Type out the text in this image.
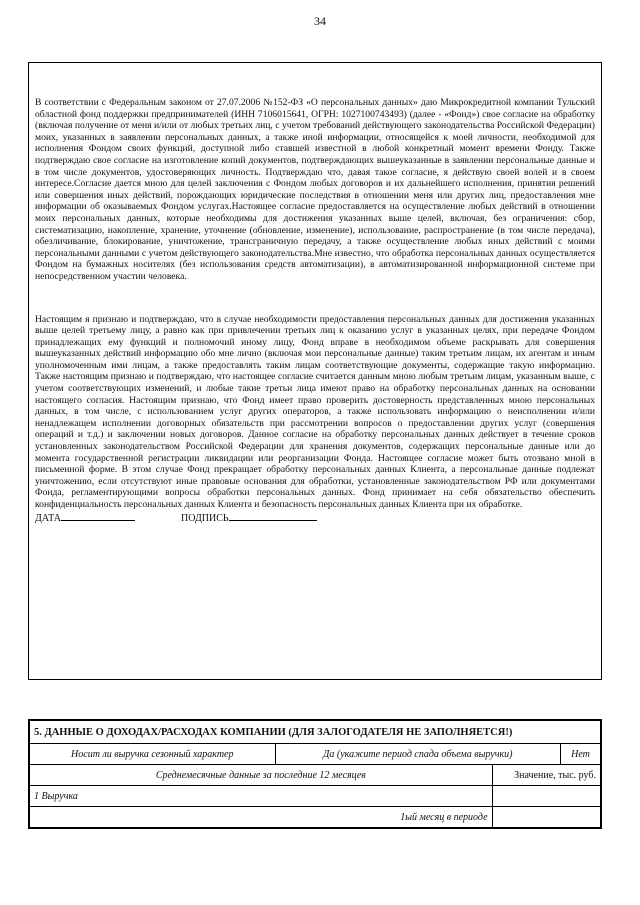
34

В соответствии с Федеральным законом от 27.07.2006 №152-ФЗ «О персональных данных» даю Микрокредитной компании Тульский областной фонд поддержки предпринимателей (ИНН 7106015641, ОГРН: 1027100743493) (далее - «Фонд») свое согласие на обработку (включая получение от меня и/или от любых третьих лиц, с учетом требований действующего законодательства Российской Федерации) моих, указанных в заявлении персональных данных, а также иной информации, относящейся к моей личности, необходимой для исполнения Фондом своих функций, доступной либо ставшей известной в любой конкретный момент времени Фонду. Также подтверждаю свое согласие на изготовление копий документов, подтверждающих вышеуказанные в заявлении персональные данные и в том числе документов, удостоверяющих личность. Подтверждаю что, давая такое согласие, я действую своей волей и в своем интересе.Согласие дается мною для целей заключения с Фондом любых договоров и их дальнейшего исполнения, принятия решений или совершения иных действий, порождающих юридические последствия в отношении меня или других лиц, предоставления мне информации об оказываемых Фондом услугах.Настоящее согласие предоставляется на осуществление любых действий в отношении моих персональных данных, которые необходимы для достижения указанных выше целей, включая, без ограничения: сбор, систематизацию, накопление, хранение, уточнение (обновление, изменение), использование, распространение (в том числе передача), обезличивание, блокирование, уничтожение, трансграничную передачу, а также осуществление любых иных действий с моими персональными данными с учетом действующего законодательства.Мне известно, что обработка персональных данных осуществляется Фондом на бумажных носителях (без использования средств автоматизации), в автоматизированной информационной системе при непосредственном участии человека.

Настоящим я признаю и подтверждаю, что в случае необходимости предоставления персональных данных для достижения указанных выше целей третьему лицу, а равно как при привлечении третьих лиц к оказанию услуг в указанных целях, при передаче Фондом принадлежащих ему функций и полномочий иному лицу, Фонд вправе в необходимом объеме раскрывать для совершения вышеуказанных действий информацию обо мне лично (включая мои персональные данные) таким третьим лицам, их агентам и иным уполномоченным ими лицам, а также предоставлять таким лицам соответствующие документы, содержащие такую информацию. Также настоящим признаю и подтверждаю, что настоящее согласие считается данным мною любым третьим лицам, указанным выше, с учетом соответствующих изменений, и любые такие третьи лица имеют право на обработку персональных данных на основании настоящего согласия. Настоящим признаю, что Фонд имеет право проверить достоверность представленных мною персональных данных, в том числе, с использованием услуг других операторов, а также использовать информацию о неисполнении и/или ненадлежащем исполнении договорных обязательств при рассмотрении вопросов о предоставлении других услуг (совершения операций и т.д.) и заключении новых договоров. Данное согласие на обработку персональных данных действует в течение сроков установленных законодательством Российской Федерации для хранения документов, содержащих персональные данные или до момента государственной регистрации ликвидации или реорганизации Фонда. Настоящее согласие может быть отозвано мной в письменной форме. В этом случае Фонд прекращает обработку персональных данных Клиента, а персональные данные подлежат уничтожению, если отсутствуют иные правовые основания для обработки, установленные законодательством РФ или документами Фонда, регламентирующими вопросы обработки персональных данных. Фонд принимает на себя обязательство обеспечить конфиденциальность персональных данных Клиента и безопасность персональных данных Клиента при их обработке.

ДАТА	ПОДПИСЬ
5. ДАННЫЕ О ДОХОДАХ/РАСХОДАХ КОМПАНИИ (ДЛЯ ЗАЛОГОДАТЕЛЯ НЕ ЗАПОЛНЯЕТСЯ!)			
Носит ли выручка сезонный характер	Да (укажите период спада объема выручки)		Нет
Среднемесячные данные за последние 12 месяцев		Значение, тыс. руб.	
1 Выручка			
1ый месяц в периоде			
